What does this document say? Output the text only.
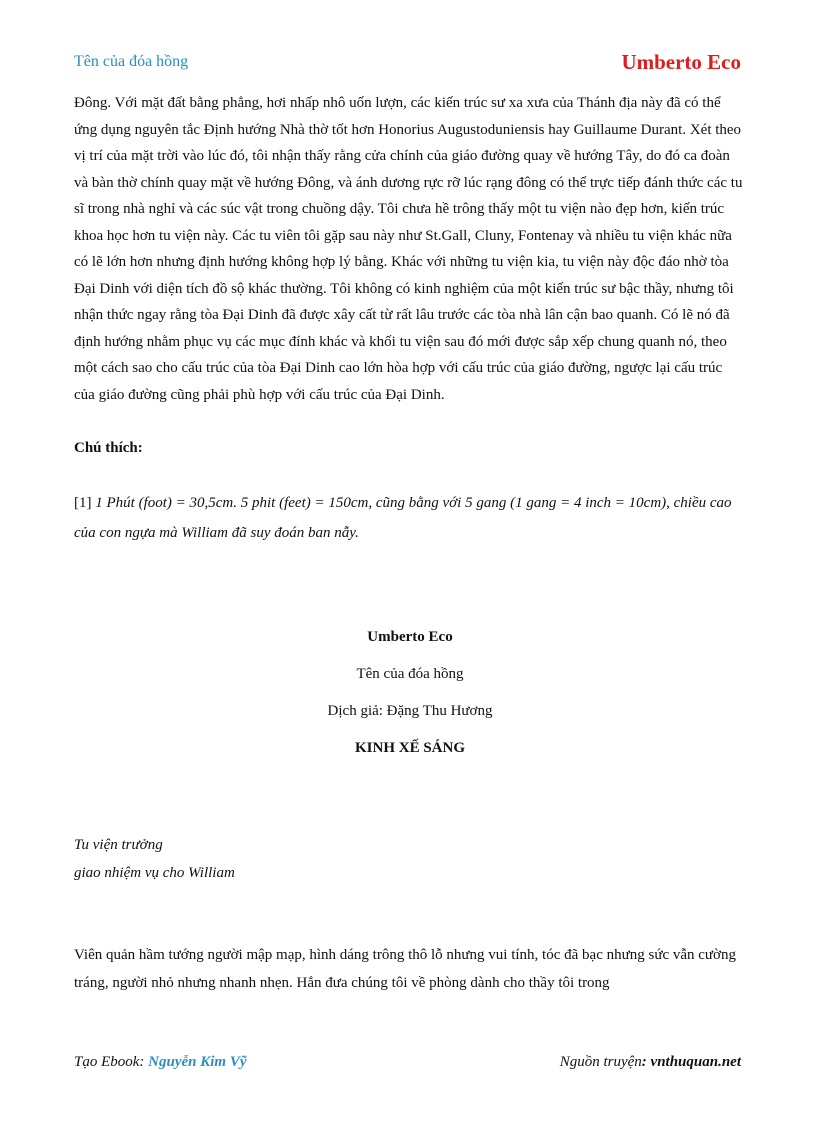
Tên của đóa hồng	Umberto Eco

Đông. Với mặt đất bằng phẳng, hơi nhấp nhô uốn lượn, các kiến trúc sư xa xưa của Thánh địa này đã có thể ứng dụng nguyên tắc Định hướng Nhà thờ tốt hơn Honorius Augustoduniensis hay Guillaume Durant. Xét theo vị trí của mặt trời vào lúc đó, tôi nhận thấy rằng cửa chính của giáo đường quay về hướng Tây, do đó ca đoàn và bàn thờ chính quay mặt về hướng Đông, và ánh dương rực rỡ lúc rạng đông có thể trực tiếp đánh thức các tu sĩ trong nhà nghỉ và các súc vật trong chuồng dậy. Tôi chưa hề trông thấy một tu viện nào đẹp hơn, kiến trúc khoa học hơn tu viện này. Các tu viên tôi gặp sau này như St.Gall, Cluny, Fontenay và nhiều tu viện khác nữa có lẽ lớn hơn nhưng định hướng không hợp lý bằng. Khác với những tu viện kia, tu viện này độc đáo nhờ tòa Đại Dinh với diện tích đồ sộ khác thường. Tôi không có kinh nghiệm của một kiến trúc sư bậc thầy, nhưng tôi nhận thức ngay rằng tòa Đại Dinh đã được xây cất từ rất lâu trước các tòa nhà lân cận bao quanh. Có lẽ nó đã định hướng nhằm phục vụ các mục đính khác và khối tu viện sau đó mới được sắp xếp chung quanh nó, theo một cách sao cho cấu trúc của tòa Đại Dinh cao lớn hòa hợp với cấu trúc của giáo đường, ngược lại cấu trúc của giáo đường cũng phải phù hợp với cấu trúc của Đại Dinh.

Chú thích:

[1] 1 Phút (foot) = 30,5cm. 5 phit (feet) = 150cm, cũng bằng với 5 gang (1 gang = 4 inch = 10cm), chiều cao của con ngựa mà William đã suy đoán ban nẫy.

Umberto Eco
Tên của đóa hồng
Dịch giả: Đặng Thu Hương
KINH XẾ SÁNG

Tu viện trưởng
giao nhiệm vụ cho William

Viên quản hầm tướng người mập mạp, hình dáng trông thô lỗ nhưng vui tính, tóc đã bạc nhưng sức vẫn cường tráng, người nhỏ nhưng nhanh nhẹn. Hắn đưa chúng tôi về phòng dành cho thầy tôi trong

Tạo Ebook: Nguyễn Kim Vỹ	Nguồn truyện: vnthuquan.net
